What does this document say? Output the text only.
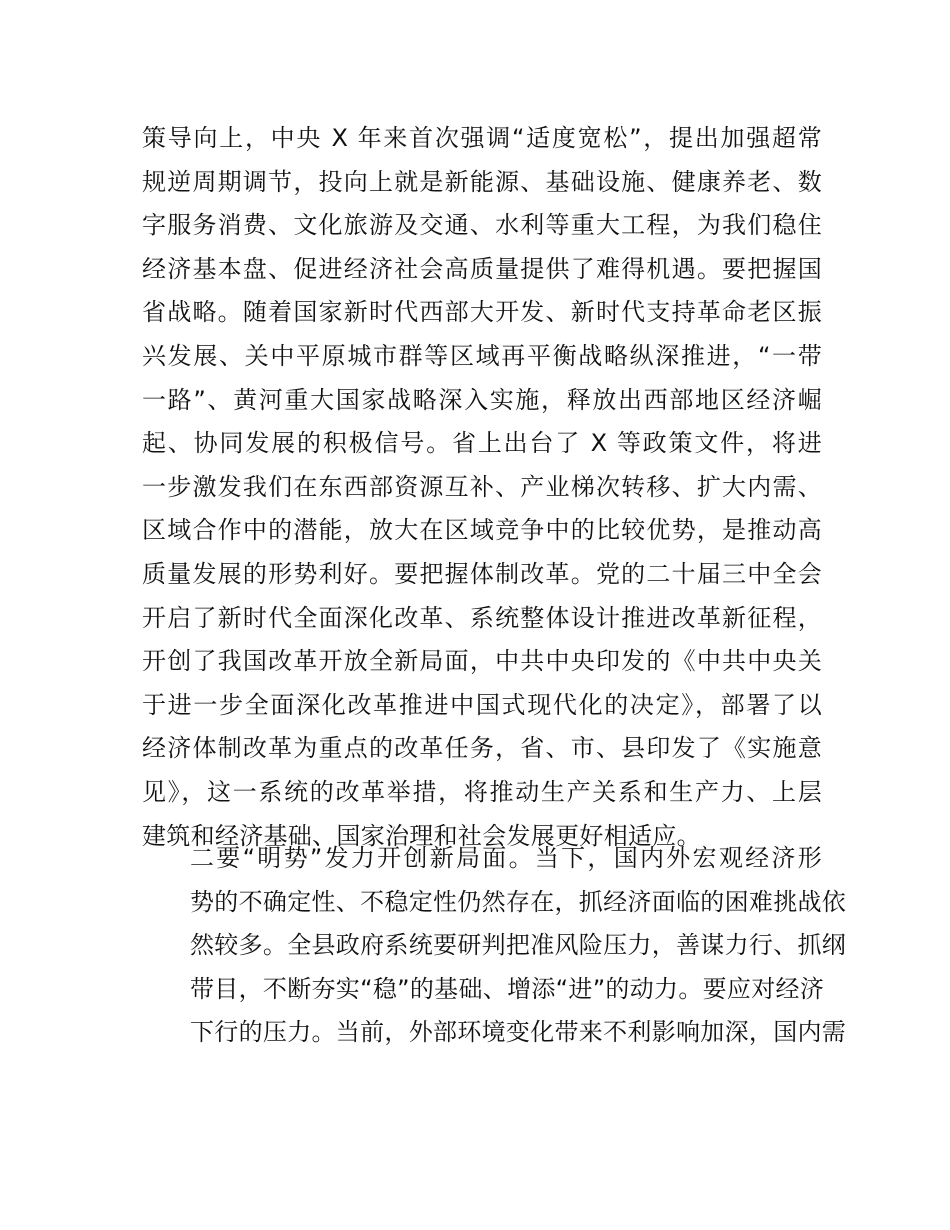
策导向上，中央 X 年来首次强调“适度宽松”，提出加强超常
规逆周期调节，投向上就是新能源、基础设施、健康养老、数
字服务消费、文化旅游及交通、水利等重大工程，为我们稳住
经济基本盘、促进经济社会高质量提供了难得机遇。要把握国
省战略。随着国家新时代西部大开发、新时代支持革命老区振
兴发展、关中平原城市群等区域再平衡战略纵深推进，“一带
一路”、黄河重大国家战略深入实施，释放出西部地区经济崛
起、协同发展的积极信号。省上出台了 X 等政策文件，将进
一步激发我们在东西部资源互补、产业梯次转移、扩大内需、
区域合作中的潜能，放大在区域竞争中的比较优势，是推动高
质量发展的形势利好。要把握体制改革。党的二十届三中全会
开启了新时代全面深化改革、系统整体设计推进改革新征程，
开创了我国改革开放全新局面，中共中央印发的《中共中央关
于进一步全面深化改革推进中国式现代化的决定》，部署了以
经济体制改革为重点的改革任务，省、市、县印发了《实施意
见》，这一系统的改革举措，将推动生产关系和生产力、上层
建筑和经济基础、国家治理和社会发展更好相适应。
二要“明势”发力开创新局面。当下，国内外宏观经济形
势的不确定性、不稳定性仍然存在，抓经济面临的困难挑战依
然较多。全县政府系统要研判把准风险压力，善谋力行、抓纲
带目，不断夯实“稳”的基础、增添“进”的动力。要应对经济
下行的压力。当前，外部环境变化带来不利影响加深，国内需
